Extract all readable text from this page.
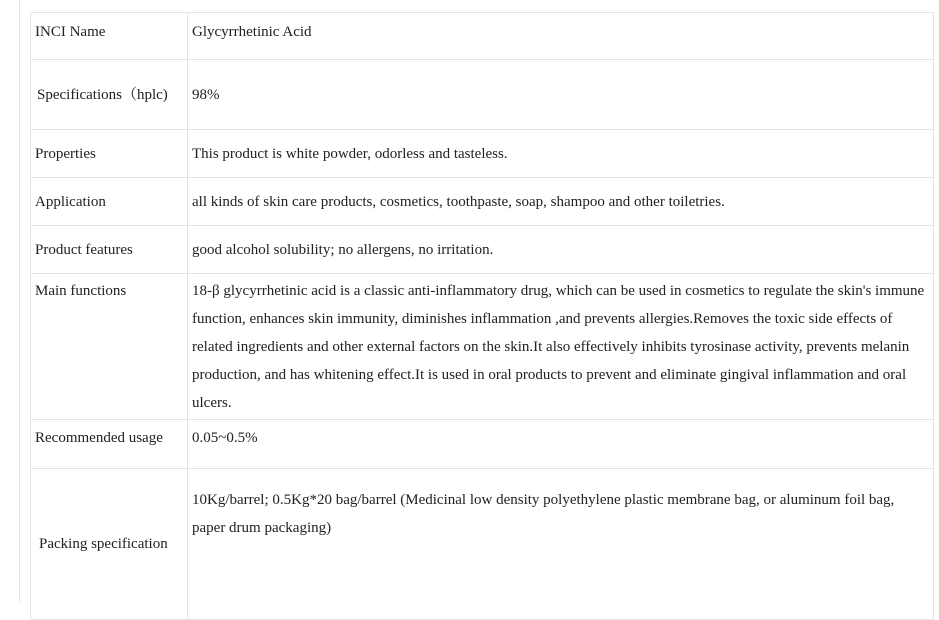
INCI Name	Glycyrrhetinic Acid
Specifications（hplc)	98%
Properties	This product is white powder, odorless and tasteless.
Application	all kinds of skin care products, cosmetics, toothpaste, soap, shampoo and other toiletries.
Product features	good alcohol solubility; no allergens, no irritation.
Main functions	18-β glycyrrhetinic acid is a classic anti-inflammatory drug, which can be used in cosmetics to regulate the skin's immune function, enhances skin immunity, diminishes inflammation ,and prevents allergies.Removes the toxic side effects of related ingredients and other external factors on the skin.It also effectively inhibits tyrosinase activity, prevents melanin production, and has whitening effect.It is used in oral products to prevent and eliminate gingival inflammation and oral ulcers.
Recommended usage	0.05~0.5%
Packing specification	10Kg/barrel; 0.5Kg*20 bag/barrel (Medicinal low density polyethylene plastic membrane bag, or aluminum foil bag, paper drum packaging)
